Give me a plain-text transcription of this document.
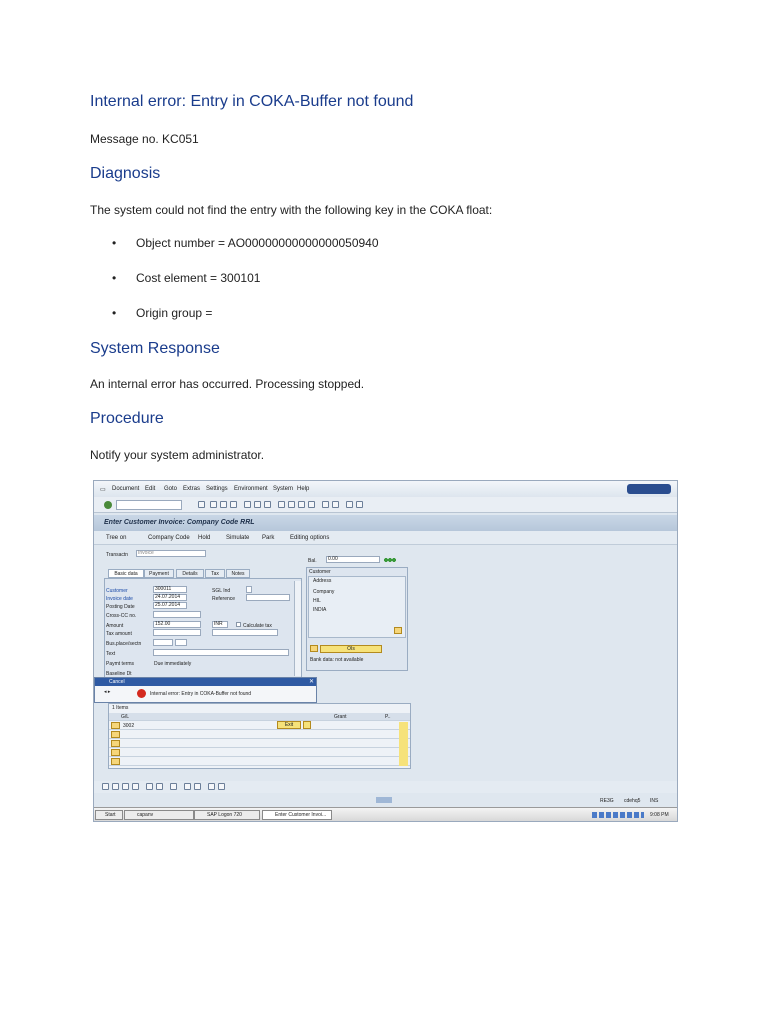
Internal error: Entry in COKA-Buffer not found

Message no. KC051

Diagnosis

The system could not find the entry with the following key in the COKA float:

• Object number = AO00000000000000050940
• Cost element = 300101
• Origin group =
System Response

An internal error has occurred. Processing stopped.

Procedure

Notify your system administrator.

▭ Document Edit Goto Extras Settings Environment System Help
Enter Customer Invoice: Company Code RRL
Tree on	Company Code Hold	Simulate Park	Editing options
Transactn	Invoice
Basic data	Payment	Details	Tax	Notes
Customer	300011	SGL Ind
Invoice date	24.07.2014	Reference
Posting Date	25.07.2014
Cross-CC no.
Amount	152.00	INR	Calculate tax
Tax amount
Bus.place/sectn
Text
Paymt terms	Due immediately
Baseline Dt
Bal.	0.00
Customer
Address
Company
HIL
INDIA
OIs
Bank data: not available
Cancel	✕
Internal error: Entry in COKA-Buffer not found
◂ ▸
1 Items
G/L	Grant	P..
3002	Exit
RE3G cdehq5 INS
Start	capanv	SAP Logon 720	Enter Customer Invoi...	9:08 PM
